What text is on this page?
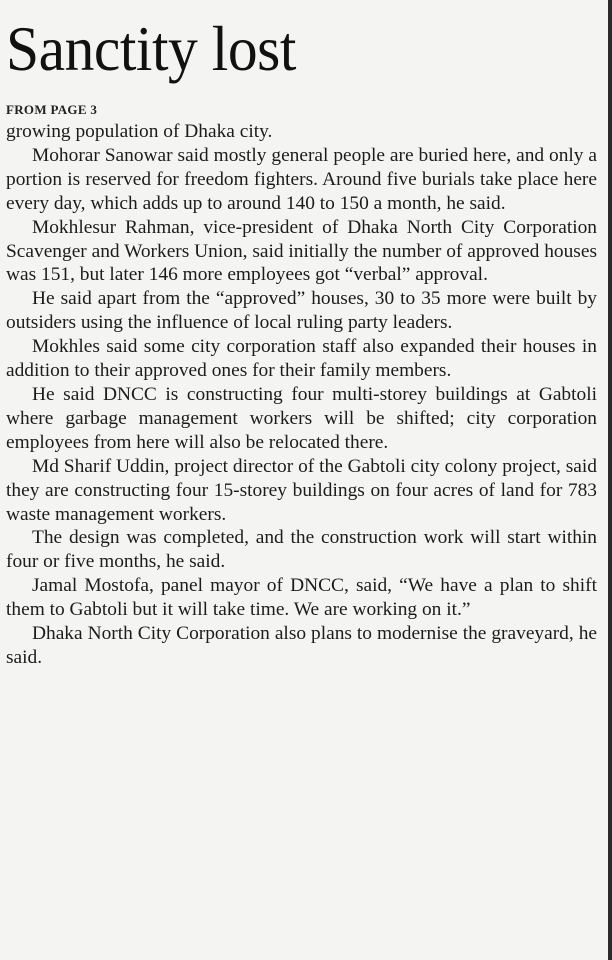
Sanctity lost
FROM PAGE 3

growing population of Dhaka city.

Mohorar Sanowar said mostly general people are buried here, and only a portion is reserved for freedom fighters. Around five burials take place here every day, which adds up to around 140 to 150 a month, he said.

Mokhlesur Rahman, vice-president of Dhaka North City Corporation Scavenger and Workers Union, said initially the number of approved houses was 151, but later 146 more employees got “verbal” approval.

He said apart from the “approved” houses, 30 to 35 more were built by outsiders using the influence of local ruling party leaders.

Mokhles said some city corporation staff also expanded their houses in addition to their approved ones for their family members.

He said DNCC is constructing four multi-storey buildings at Gabtoli where garbage management workers will be shifted; city corporation employees from here will also be relocated there.

Md Sharif Uddin, project director of the Gabtoli city colony project, said they are constructing four 15-storey buildings on four acres of land for 783 waste management workers.

The design was completed, and the construction work will start within four or five months, he said.

Jamal Mostofa, panel mayor of DNCC, said, “We have a plan to shift them to Gabtoli but it will take time. We are working on it.”

Dhaka North City Corporation also plans to modernise the graveyard, he said.
